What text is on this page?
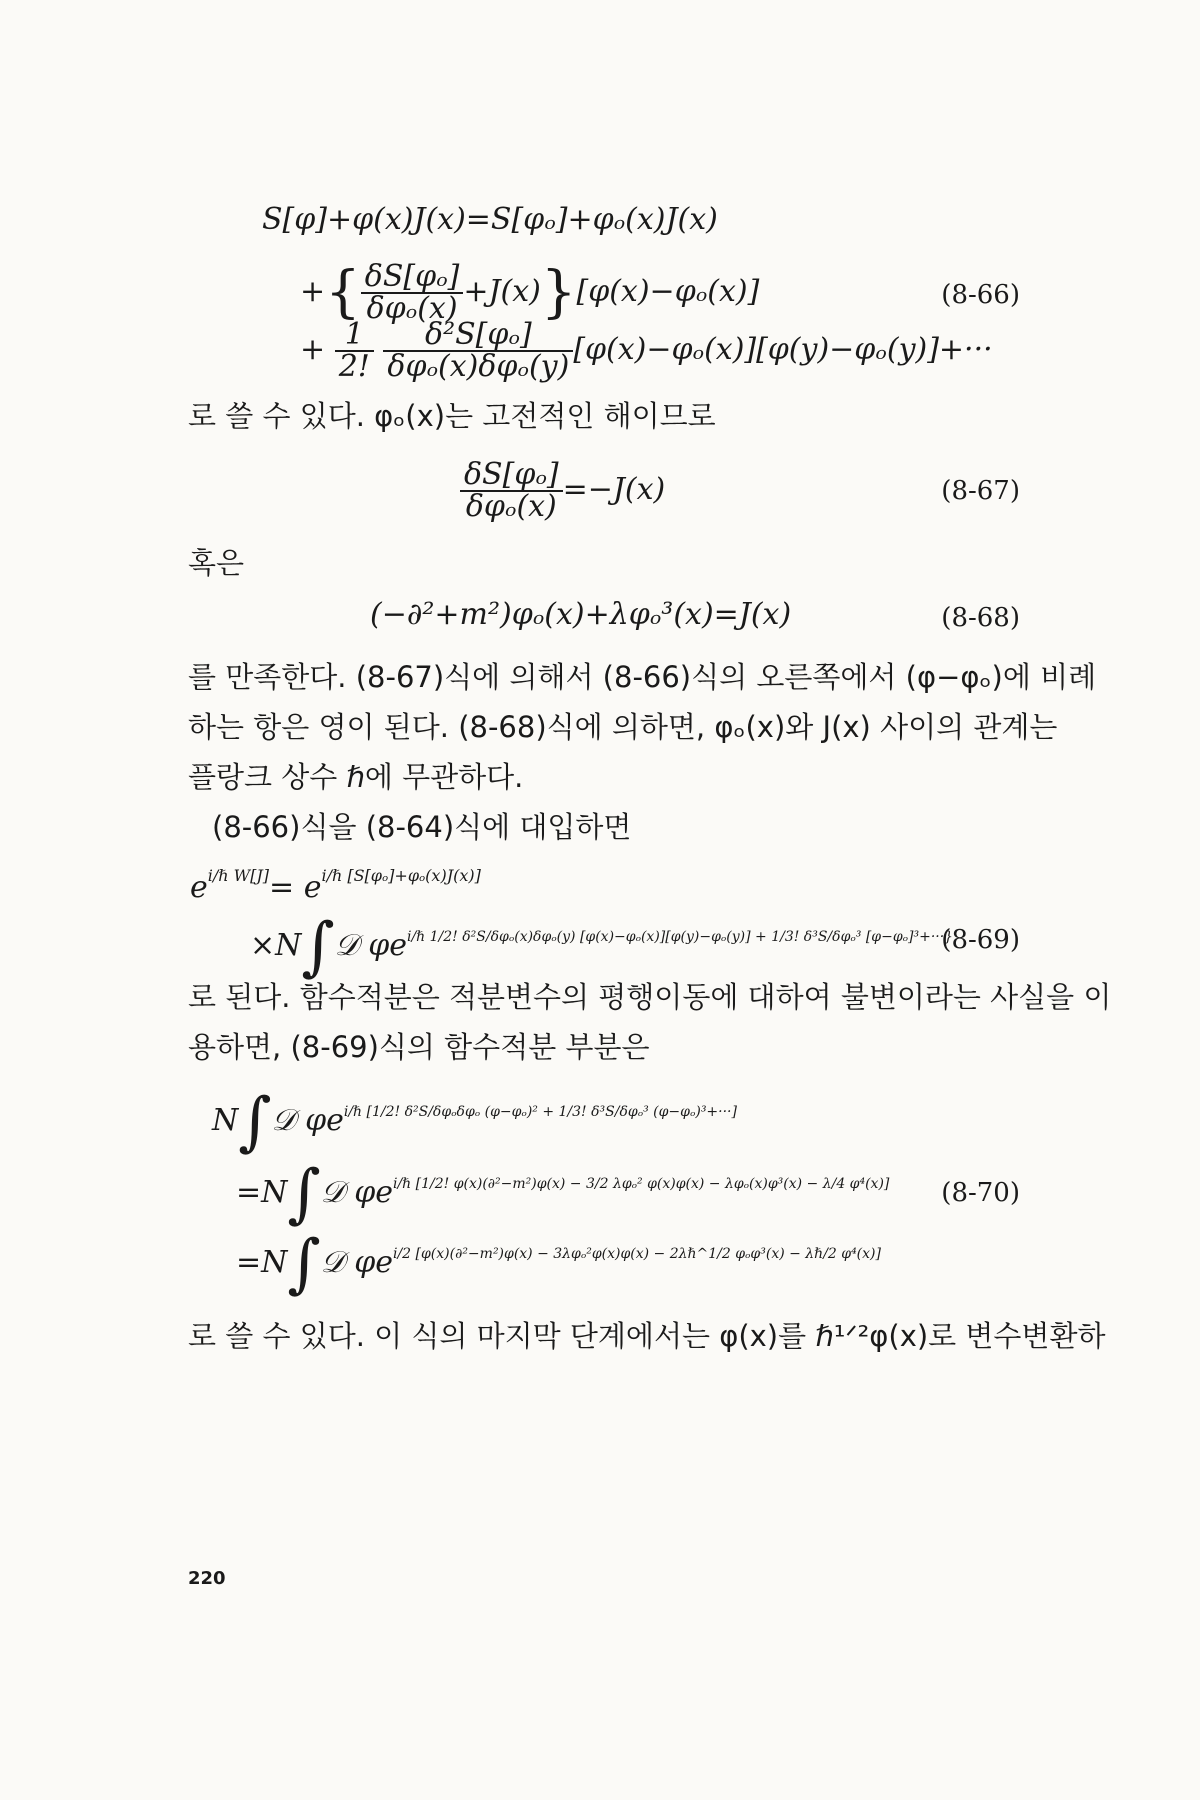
S[φ]+φ(x)J(x)=S[φₒ]+φₒ(x)J(x)
+{ $\frac{\text{δS[φₒ]}}{\text{δφₒ(x)}} +J(x)\}[\varphi(x)-\varphi_o(x)]$	(8-66)
+ $\frac{1}{2!}$
$\frac{\text{δ²S[φₒ]}}{\text{δφₒ(x)δφₒ(y)}} [\varphi(x)-\varphi_o(x)][\varphi(y)-\varphi_o(y)]+\cdot\cdot\cdot$
로 쓸 수 있다. φₒ(x)는 고전적인 해이므로
$\frac{\text{δS[φₒ]}}{\text{δφₒ(x)}} =-J(x)$	(8-67)
혹은
(−∂²+m²)φₒ(x)+λφₒ³(x)=J(x)	(8-68)
를 만족한다. (8-67)식에 의해서 (8-66)식의 오른쪽에서 (φ−φₒ)에 비례
하는 항은 영이 된다. (8-68)식에 의하면, φₒ(x)와 J(x) 사이의 관계는
플랑크 상수 ℏ에 무관하다.
(8-66)식을 (8-64)식에 대입하면
$e^{i/\hbar W[J]}= e^{i/\hbar [S[\varphi_o]+\varphi_o(x)J(x)]}$
×N∫𝒟 $\varphi e^{i/\hbar 1/2! \delta^2S/\delta\varphi_o(x)\delta\varphi_o(y) [\varphi(x)-\varphi_o(x)][\varphi(y)-\varphi_o(y)] + 1/3! \delta^3S/\delta\varphi_o^3 [\varphi-\varphi_o]^3+\cdot\cdot\cdot\}}$
(8-69)
로 된다. 함수적분은 적분변수의 평행이동에 대하여 불변이라는 사실을 이
용하면, (8-69)식의 함수적분 부분은
N∫𝒟 $\varphi e^{i/\hbar [1/2! \delta^2S/\delta\varphi_o\delta\varphi_o (\varphi-\varphi_o)^2 + 1/3! \delta^3S/\delta\varphi_o^3 (\varphi-\varphi_o)^3+\cdot\cdot\cdot]}$
=N∫𝒟 $\varphi e^{i/\hbar [1/2! \varphi(x)(\partial^2-m^2)\varphi(x) - 3/2 \lambda\varphi_o^2 \varphi(x)\varphi(x) - \lambda\varphi_o(x)\varphi^3(x) - \lambda/4 \varphi^4(x)]}$ (8-70)
=N∫𝒟 $\varphi e^{i/2 [\varphi(x)(\partial^2-m^2)\varphi(x) - 3\lambda\varphi_o^2\varphi(x)\varphi(x) - 2\lambda\hbar\^{}1/2 \varphi_o\varphi^3(x) - \lambda\hbar/2 \varphi^4(x)]}$
로 쓸 수 있다. 이 식의 마지막 단계에서는 φ(x)를 ℏ¹ᐟ²φ(x)로 변수변환하
220
